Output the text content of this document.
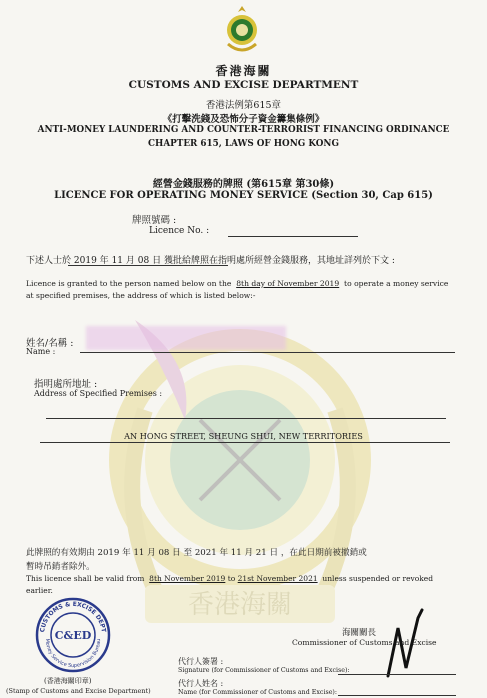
香港海關
香港海關
CUSTOMS AND EXCISE DEPARTMENT
香港法例第615章
《打擊洗錢及恐怖分子資金籌集條例》
ANTI-MONEY LAUNDERING AND COUNTER-TERRORIST FINANCING ORDINANCE
CHAPTER 615, LAWS OF HONG KONG
經營金錢服務的牌照 (第615章 第30條)
LICENCE FOR OPERATING MONEY SERVICE (Section 30, Cap 615)
牌照號碼 :
Licence No. :
下述人士於 2019 年 11 月 08 日 獲批給牌照在指明處所經營金錢服務，其地址詳列於下文 :
Licence is granted to the person named below on the 8th day of November 2019 to operate a money service
at specified premises, the address of which is listed below:-
姓名/名稱 :
Name :
指明處所地址 :
Address of Specified Premises :
AN HONG STREET, SHEUNG SHUI, NEW TERRITORIES
此牌照的有效期由 2019 年 11 月 08 日 至 2021 年 11 月 21 日 ，在此日期前被撤銷或
暫時吊銷者除外。
This licence shall be valid from 8th November 2019 to 21st November 2021 unless suspended or revoked
earlier.
CUSTOMS & EXCISE DEPT
Money Service Supervision Bureau
C&ED
(香港海關印章)
(Stamp of Customs and Excise Department)
海關關長
Commissioner of Customs and Excise
代行人簽署 :
Signature (for Commissioner of Customs and Excise):
代行人姓名 :
Name (for Commissioner of Customs and Excise):
